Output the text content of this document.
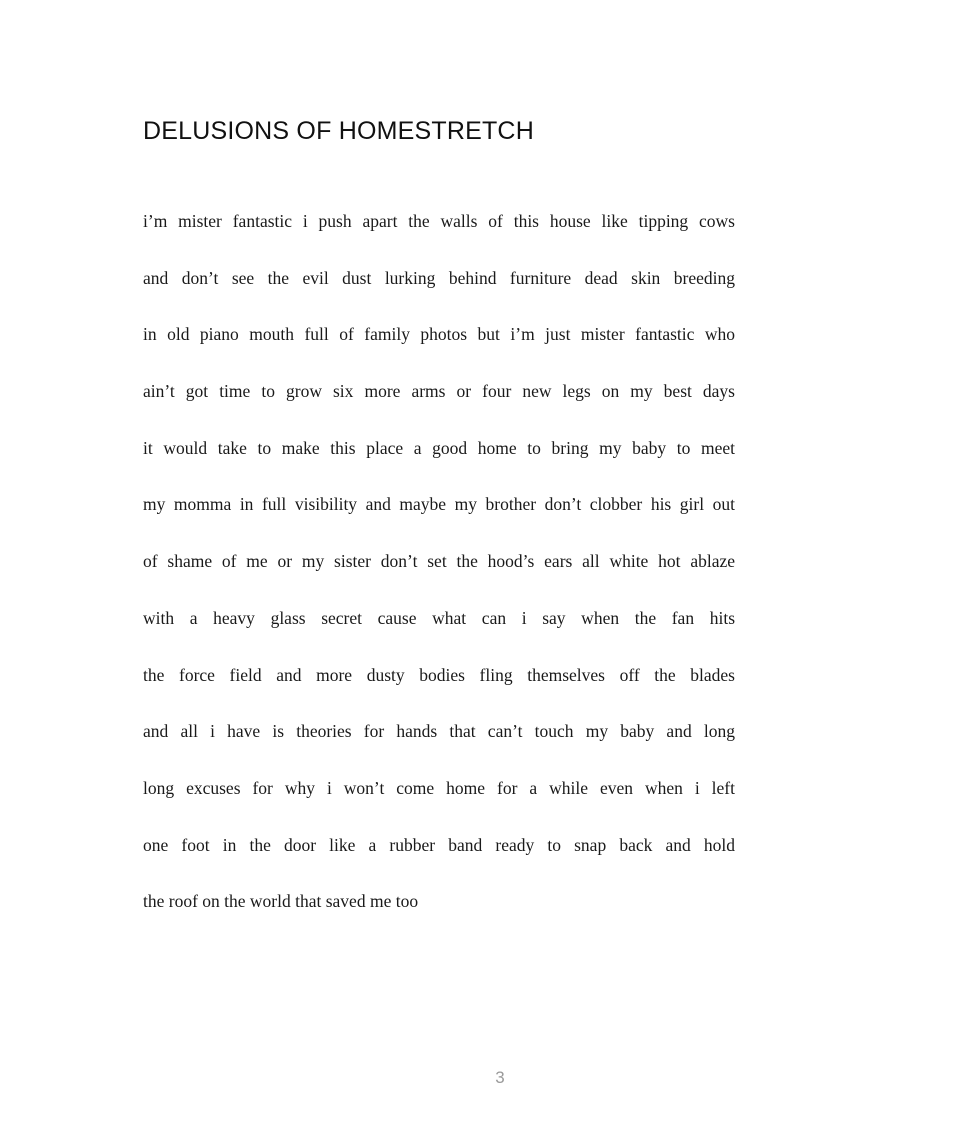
DELUSIONS OF HOMESTRETCH
i’m mister fantastic i push apart the walls of this house like tipping cows
and don’t see the evil dust lurking behind furniture dead skin breeding
in old piano mouth full of family photos but i’m just mister fantastic who
ain’t got time to grow six more arms or four new legs on my best days
it would take to make this place a good home to bring my baby to meet
my momma in full visibility and maybe my brother don’t clobber his girl out
of shame of me or my sister don’t set the hood’s ears all white hot ablaze
with a heavy glass secret cause what can i say when the fan hits
the force field and more dusty bodies fling themselves off the blades
and all i have is theories for hands that can’t touch my baby and long
long excuses for why i won’t come home for a while even when i left
one foot in the door like a rubber band ready to snap back and hold
the roof on the world that saved me too
3
